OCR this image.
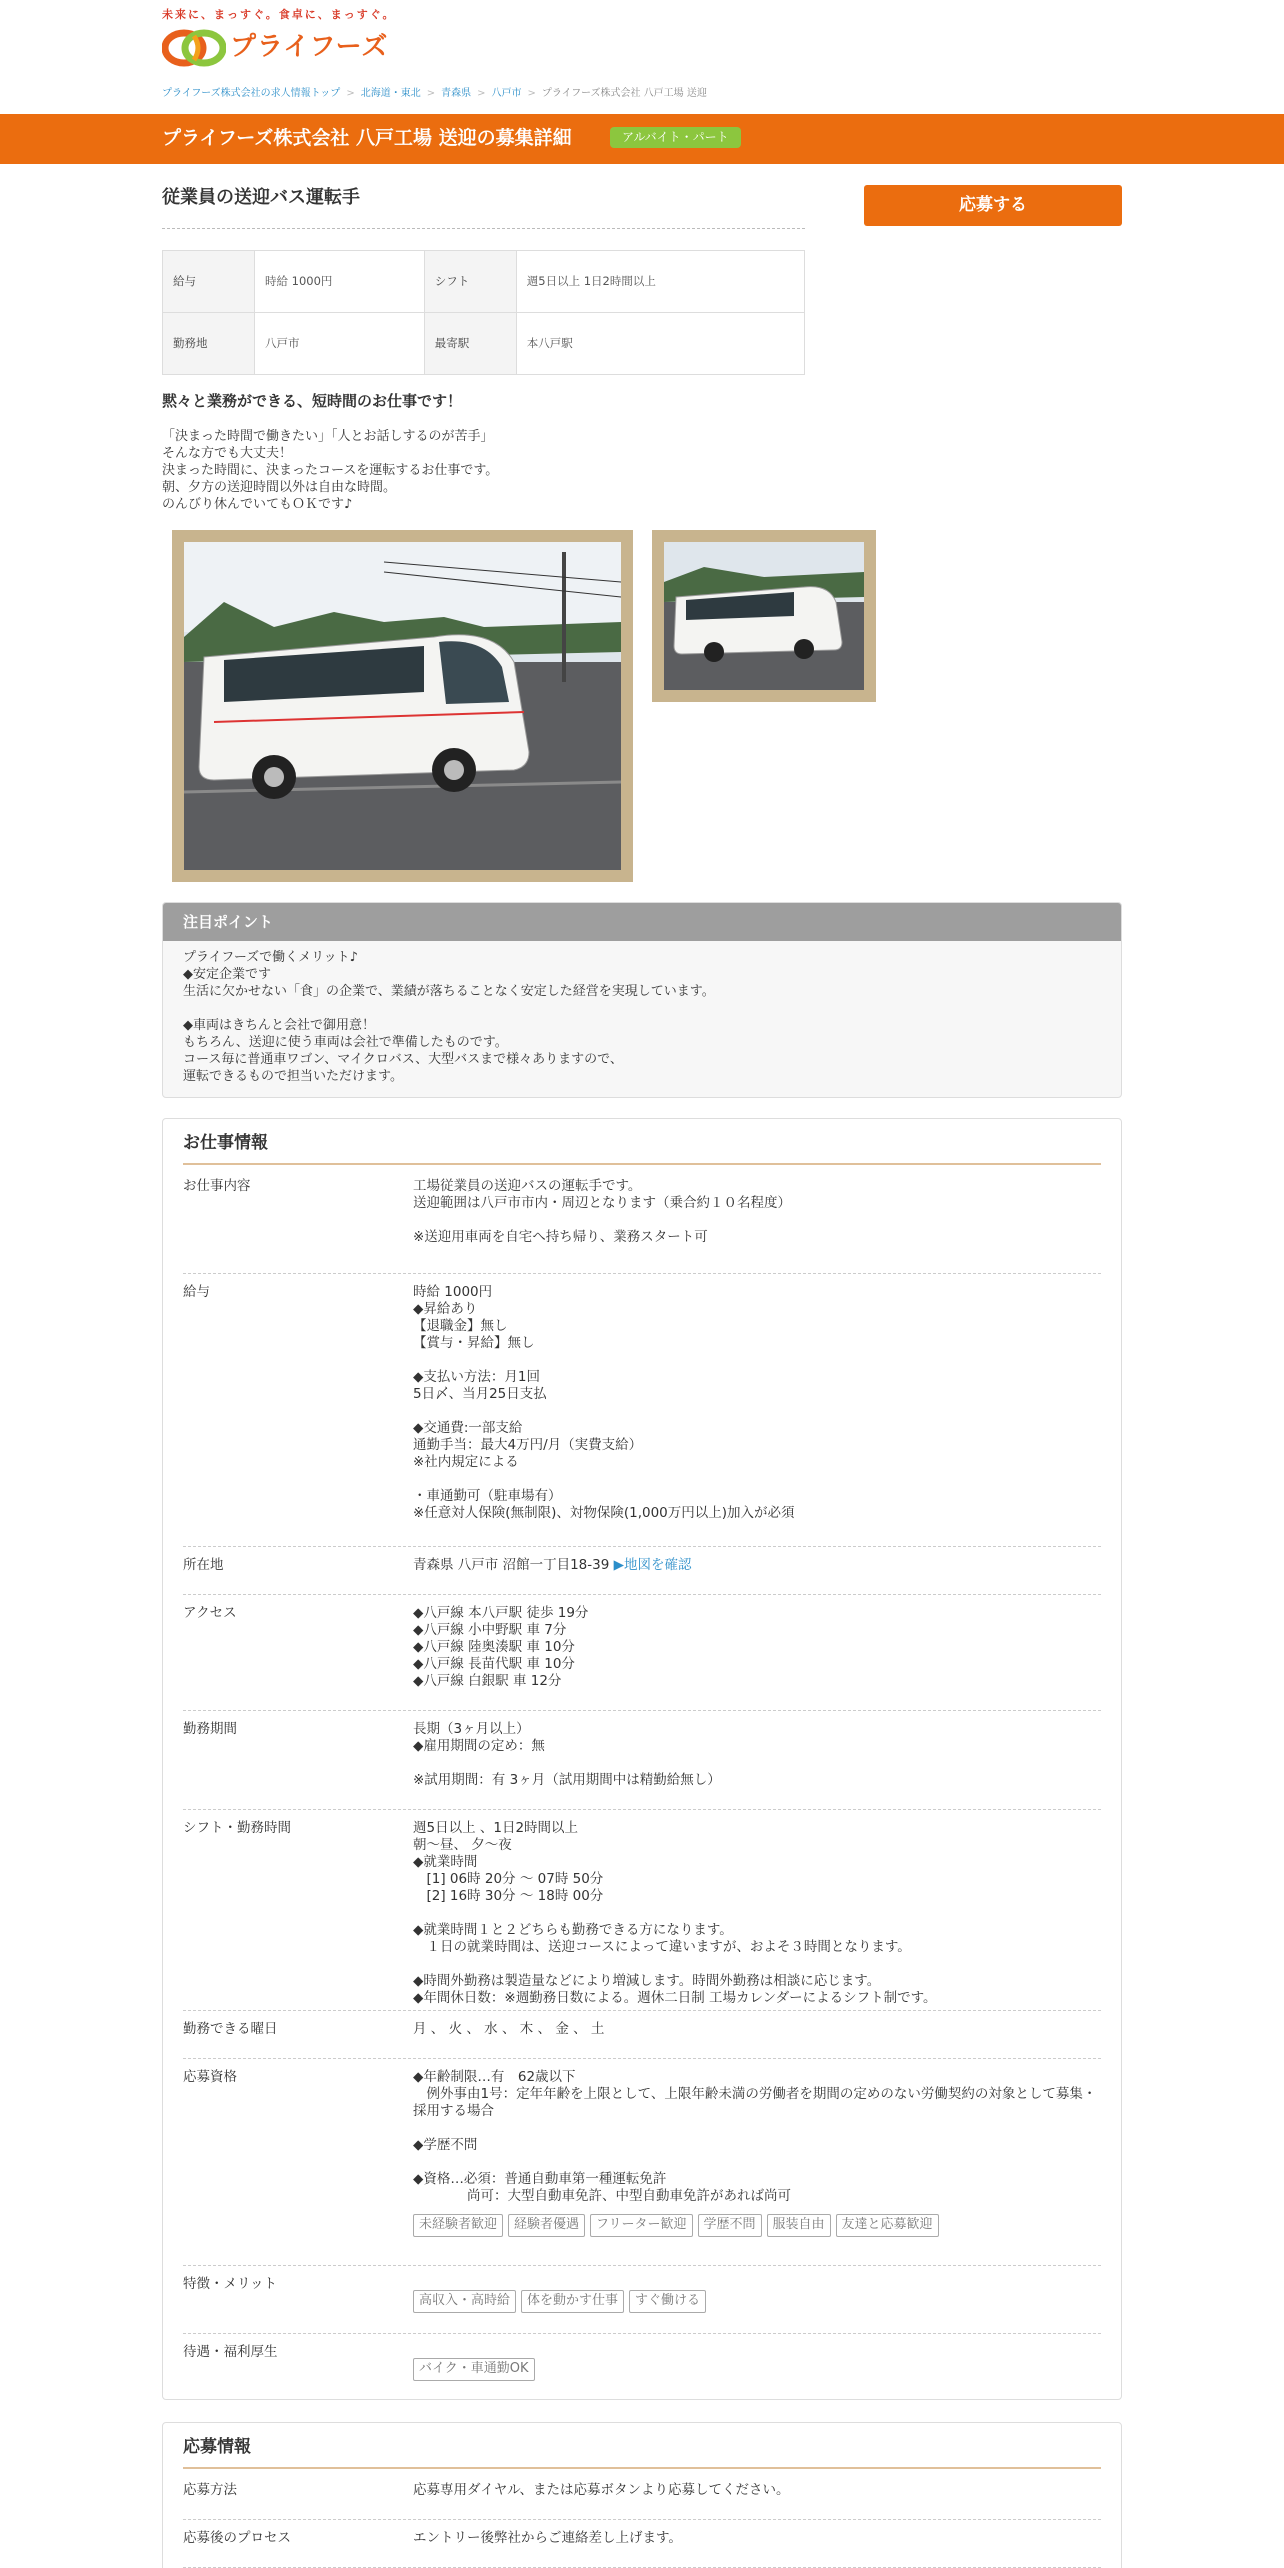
未来に、まっすぐ。食卓に、まっすぐ。
プライフーズ
プライフーズ株式会社の求人情報トップ > 北海道・東北 > 青森県 > 八戸市 > プライフーズ株式会社 八戸工場 送迎
プライフーズ株式会社 八戸工場 送迎の募集詳細	アルバイト・パート
従業員の送迎バス運転手	応募する
給与	時給 1000円	シフト	週5日以上 1日2時間以上
勤務地	八戸市	最寄駅	本八戸駅
黙々と業務ができる、短時間のお仕事です！
「決まった時間で働きたい」「人とお話しするのが苦手」
そんな方でも大丈夫！
決まった時間に、決まったコースを運転するお仕事です。
朝、夕方の送迎時間以外は自由な時間。
のんびり休んでいてもＯＫです♪
注目ポイント
プライフーズで働くメリット♪
◆安定企業です
生活に欠かせない「食」の企業で、業績が落ちることなく安定した経営を実現しています。

◆車両はきちんと会社で御用意！
もちろん、送迎に使う車両は会社で準備したものです。
コース毎に普通車ワゴン、マイクロバス、大型バスまで様々ありますので、
運転できるもので担当いただけます。
お仕事情報
お仕事内容	工場従業員の送迎バスの運転手です。
送迎範囲は八戸市市内・周辺となります（乗合約１０名程度）

※送迎用車両を自宅へ持ち帰り、業務スタート可
給与	時給 1000円
◆昇給あり
【退職金】無し
【賞与・昇給】無し

◆支払い方法：月1回
5日〆、当月25日支払

◆交通費:一部支給
通勤手当：最大4万円/月（実費支給）
※社内規定による

・車通勤可（駐車場有）
※任意対人保険(無制限)、対物保険(1,000万円以上)加入が必須
所在地	青森県 八戸市 沼館一丁目18-39 ▶地図を確認
アクセス	◆八戸線 本八戸駅 徒歩 19分
◆八戸線 小中野駅 車 7分
◆八戸線 陸奥湊駅 車 10分
◆八戸線 長苗代駅 車 10分
◆八戸線 白銀駅 車 12分
勤務期間	長期（3ヶ月以上）
◆雇用期間の定め：無

※試用期間：有 3ヶ月（試用期間中は精勤給無し）
シフト・勤務時間	週5日以上 、1日2時間以上
朝～昼、 夕～夜
◆就業時間
　[1] 06時 20分 〜 07時 50分
　[2] 16時 30分 〜 18時 00分

◆就業時間１と２どちらも勤務できる方になります。
　１日の就業時間は、送迎コースによって違いますが、およそ３時間となります。

◆時間外勤務は製造量などにより増減します。時間外勤務は相談に応じます。
◆年間休日数：※週勤務日数による。週休二日制 工場カレンダーによるシフト制です。
勤務できる曜日	月 、 火 、 水 、 木 、 金 、 土
応募資格	◆年齢制限…有　62歳以下
　例外事由1号：定年年齢を上限として、上限年齢未満の労働者を期間の定めのない労働契約の対象として募集・採用する場合

◆学歴不問

◆資格…必須：普通自動車第一種運転免許
　　　　尚可：大型自動車免許、中型自動車免許があれば尚可
未経験者歓迎 経験者優遇 フリーター歓迎 学歴不問 服装自由 友達と応募歓迎
特徴・メリット
高収入・高時給 体を動かす仕事 すぐ働ける
待遇・福利厚生
バイク・車通勤OK
応募情報
応募方法	応募専用ダイヤル、または応募ボタンより応募してください。
応募後のプロセス	エントリー後弊社からご連絡差し上げます。
